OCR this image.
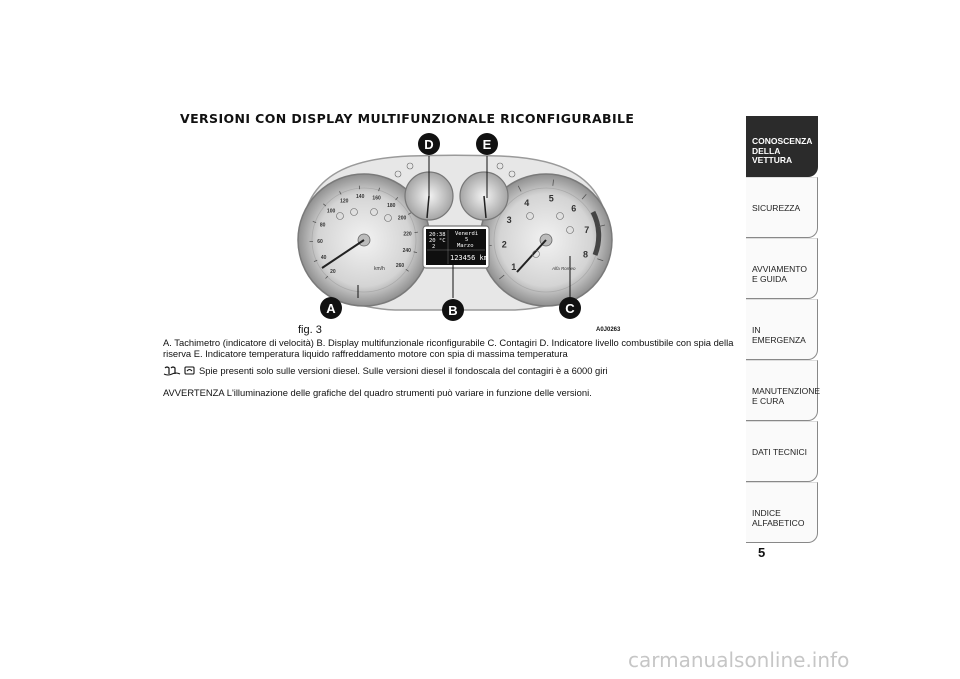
VERSIONI CON DISPLAY MULTIFUNZIONALE RICONFIGURABILE
20
40
60
80
100
120
140 160
180
200
220
240
260
km/h	1
2
3
4 5
6
7
8
Alfa Romeo
20:38
20 °C
2
Venerdì
5
Marzo
123456 km
D	E
A	B	C
fig. 3	A0J0263
A. Tachimetro (indicatore di velocità) B. Display multifunzionale riconfigurabile C. Contagiri D. Indicatore livello combustibile con spia della riserva E. Indicatore temperatura liquido raffreddamento motore con spia di massima temperatura
Spie presenti solo sulle versioni diesel. Sulle versioni diesel il fondoscala del contagiri è a 6000 giri
AVVERTENZA L'illuminazione delle grafiche del quadro strumenti può variare in funzione delle versioni.
CONOSCENZA DELLA VETTURA
SICUREZZA
AVVIAMENTO E GUIDA
IN EMERGENZA
MANUTENZIONE E CURA
DATI TECNICI
INDICE ALFABETICO
5
carmanualsonline.info
